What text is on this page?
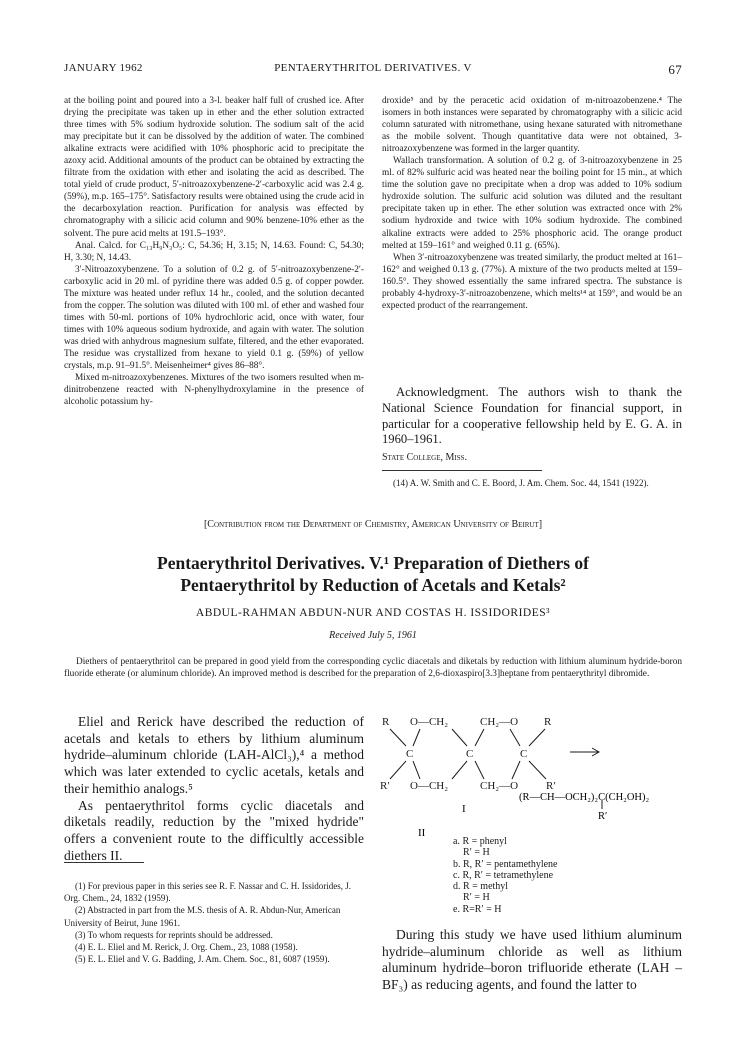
JANUARY 1962	PENTAERYTHRITOL DERIVATIVES. V	67

at the boiling point and poured into a 3-l. beaker half full of crushed ice. After drying the precipitate was taken up in ether and the ether solution extracted three times with 5% sodium hydroxide solution. The sodium salt of the acid may precipitate but it can be dissolved by the addition of water. The combined alkaline extracts were acidified with 10% phosphoric acid to precipitate the azoxy acid. Additional amounts of the product can be obtained by extracting the filtrate from the oxidation with ether and isolating the acid as described. The total yield of crude product, 5′-nitroazoxybenzene-2′-carboxylic acid was 2.4 g. (59%), m.p. 165–175°. Satisfactory results were obtained using the crude acid in the decarboxylation reaction. Purification for analysis was effected by chromatography with a silicic acid column and 90% benzene-10% ether as the solvent. The pure acid melts at 191.5–193°.

Anal. Calcd. for C₁₃H₉N₃O₅: C, 54.36; H, 3.15; N, 14.63. Found: C, 54.30; H, 3.30; N, 14.43.

3′-Nitroazoxybenzene. To a solution of 0.2 g. of 5′-nitroazoxybenzene-2′-carboxylic acid in 20 ml. of pyridine there was added 0.5 g. of copper powder. The mixture was heated under reflux 14 hr., cooled, and the solution decanted from the copper. The solution was diluted with 100 ml. of ether and washed four times with 50-ml. portions of 10% hydrochloric acid, once with water, four times with 10% aqueous sodium hydroxide, and again with water. The solution was dried with anhydrous magnesium sulfate, filtered, and the ether evaporated. The residue was crystallized from hexane to yield 0.1 g. (59%) of yellow crystals, m.p. 91–91.5°. Meisenheimer⁴ gives 86–88°.

Mixed m-nitroazoxybenzenes. Mixtures of the two isomers resulted when m-dinitrobenzene reacted with N-phenylhydroxylamine in the presence of alcoholic potassium hy-

droxide⁵ and by the peracetic acid oxidation of m-nitroazobenzene.⁴ The isomers in both instances were separated by chromatography with a silicic acid column saturated with nitromethane, using hexane saturated with nitromethane as the mobile solvent. Though quantitative data were not obtained, 3-nitroazoxybenzene was formed in the larger quantity.

Wallach transformation. A solution of 0.2 g. of 3-nitroazoxybenzene in 25 ml. of 82% sulfuric acid was heated near the boiling point for 15 min., at which time the solution gave no precipitate when a drop was added to 10% sodium hydroxide solution. The sulfuric acid solution was diluted and the resultant precipitate taken up in ether. The ether solution was extracted once with 2% sodium hydroxide and twice with 10% sodium hydroxide. The combined alkaline extracts were added to 25% phosphoric acid. The orange product melted at 159–161° and weighed 0.11 g. (65%).

When 3′-nitroazoxybenzene was treated similarly, the product melted at 161–162° and weighed 0.13 g. (77%). A mixture of the two products melted at 159–160.5°. They showed essentially the same infrared spectra. The substance is probably 4-hydroxy-3′-nitroazobenzene, which melts¹⁴ at 159°, and would be an expected product of the rearrangement.

Acknowledgment. The authors wish to thank the National Science Foundation for financial support, in particular for a cooperative fellowship held by E. G. A. in 1960–1961.

State College, Miss.

(14) A. W. Smith and C. E. Boord, J. Am. Chem. Soc. 44, 1541 (1922).

[Contribution from the Department of Chemistry, American University of Beirut]
Pentaerythritol Derivatives. V.¹ Preparation of Diethers of
Pentaerythritol by Reduction of Acetals and Ketals²
ABDUL-RAHMAN ABDUN-NUR AND COSTAS H. ISSIDORIDES³
Received July 5, 1961

Diethers of pentaerythritol can be prepared in good yield from the corresponding cyclic diacetals and diketals by reduction with lithium aluminum hydride-boron fluoride etherate (or aluminum chloride). An improved method is described for the preparation of 2,6-dioxaspiro[3.3]heptane from pentaerythrityl dibromide.

Eliel and Rerick have described the reduction of acetals and ketals to ethers by lithium aluminum hydride–aluminum chloride (LAH-AlCl₃),⁴ a method which was later extended to cyclic acetals, ketals and their hemithio analogs.⁵

As pentaerythritol forms cyclic diacetals and diketals readily, reduction by the "mixed hydride" offers a convenient route to the difficultly accessible diethers II.

(1) For previous paper in this series see R. F. Nassar and C. H. Issidorides, J. Org. Chem., 24, 1832 (1959).

(2) Abstracted in part from the M.S. thesis of A. R. Abdun-Nur, American University of Beirut, June 1961.

(3) To whom requests for reprints should be addressed.

(4) E. L. Eliel and M. Rerick, J. Org. Chem., 23, 1088 (1958).

(5) E. L. Eliel and V. G. Badding, J. Am. Chem. Soc., 81, 6087 (1959).

R O—CH₂	CH₂—O R
C	C	C
R′ O—CH₂	CH₂—O	R′
I
(R—CH—OCH₂)₂C(CH₂OH)₂
R′
II
a. R = phenyl
R′ = H
b. R, R′ = pentamethylene
c. R, R′ = tetramethylene
d. R = methyl
R′ = H
e. R=R′ = H

During this study we have used lithium aluminum hydride–aluminum chloride as well as lithium aluminum hydride–boron trifluoride etherate (LAH –BF₃) as reducing agents, and found the latter to
